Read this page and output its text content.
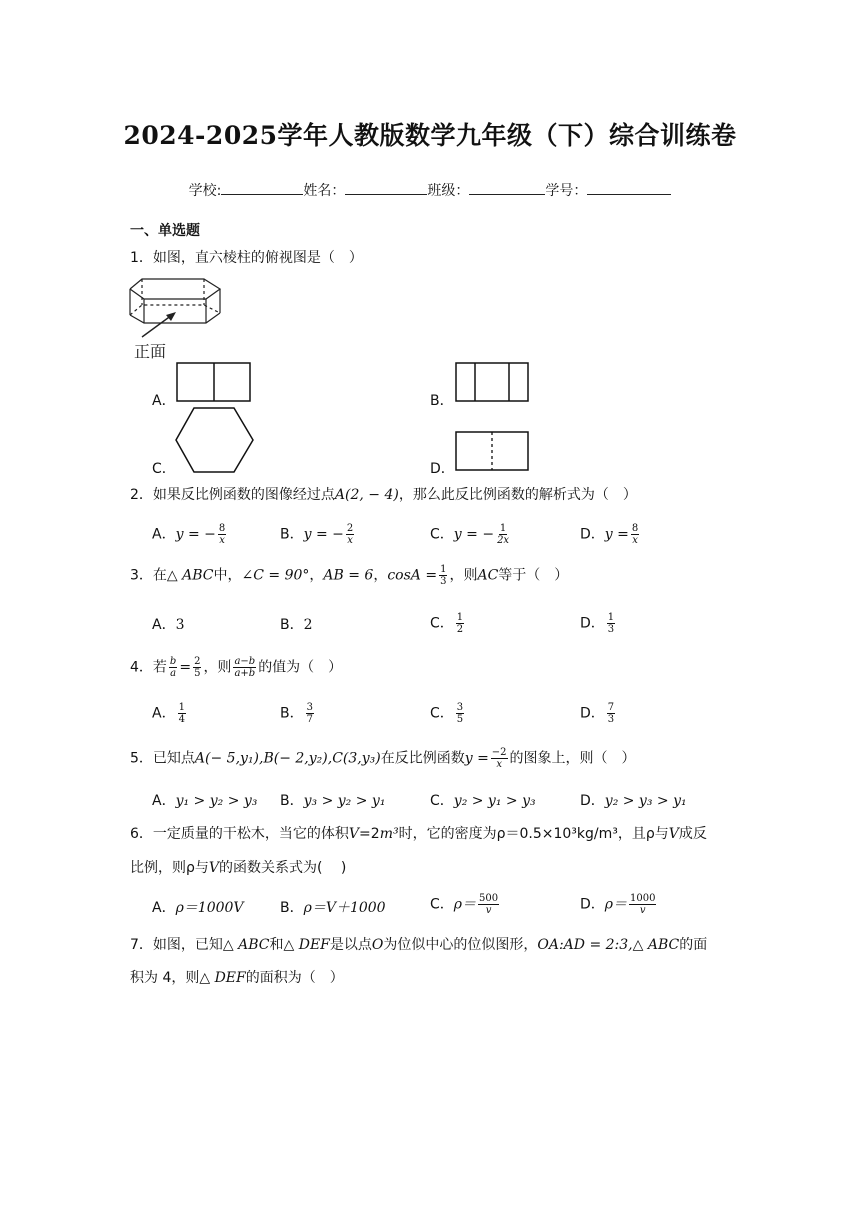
2024-2025学年人教版数学九年级（下）综合训练卷
学校:	姓名：	班级：	学号：
一、单选题
1．如图，直六棱柱的俯视图是（　）
正面
A．	B．
C．	D．
2．如果反比例函数的图像经过点A(2, − 4)，那么此反比例函数的解析式为（　）
A．y = − $\frac{8}{x}$	B．y = − $\frac{2}{x}$	C．y = − $\frac{1}{2x}$	D．$y = \frac{8}{x}$
3．在△ ABC中，∠C = 90°，AB = 6，$\cos A = \frac{1}{3}$ ，则AC等于（　）
A．3	B．2	C． $\frac{1}{2}$	D． $\frac{1}{3}$
4．若 $\frac{b}{a} = \frac{2}{5}$ ，则 $\frac{a-b}{a+b}$ 的值为（　）
A． $\frac{1}{4}$	B． $\frac{3}{7}$	C． $\frac{3}{5}$	D． $\frac{7}{3}$
5．已知点A(− 5,y₁),B(− 2,y₂),C(3,y₃)在反比例函数$y = \frac{-2}{x}$ 的图象上，则（　）
A．y₁ > y₂ > y₃ B．y₃ > y₂ > y₁	C．y₂ > y₁ > y₃	D．y₂ > y₃ > y₁
6．一定质量的干松木，当它的体积V=2m³时，它的密度为ρ＝0.5×10³kg/m³，且ρ与V成反
比例，则ρ与V的函数关系式为(　 )
A．ρ＝1000V	B．ρ＝V＋1000	C．$\rho= \frac{500}{v}$	D．$\rho= \frac{1000}{v}$
7．如图，已知△ ABC和△ DEF是以点O为位似中心的位似图形，OA:AD = 2:3,△ ABC的面
积为 4，则△ DEF的面积为（　）
